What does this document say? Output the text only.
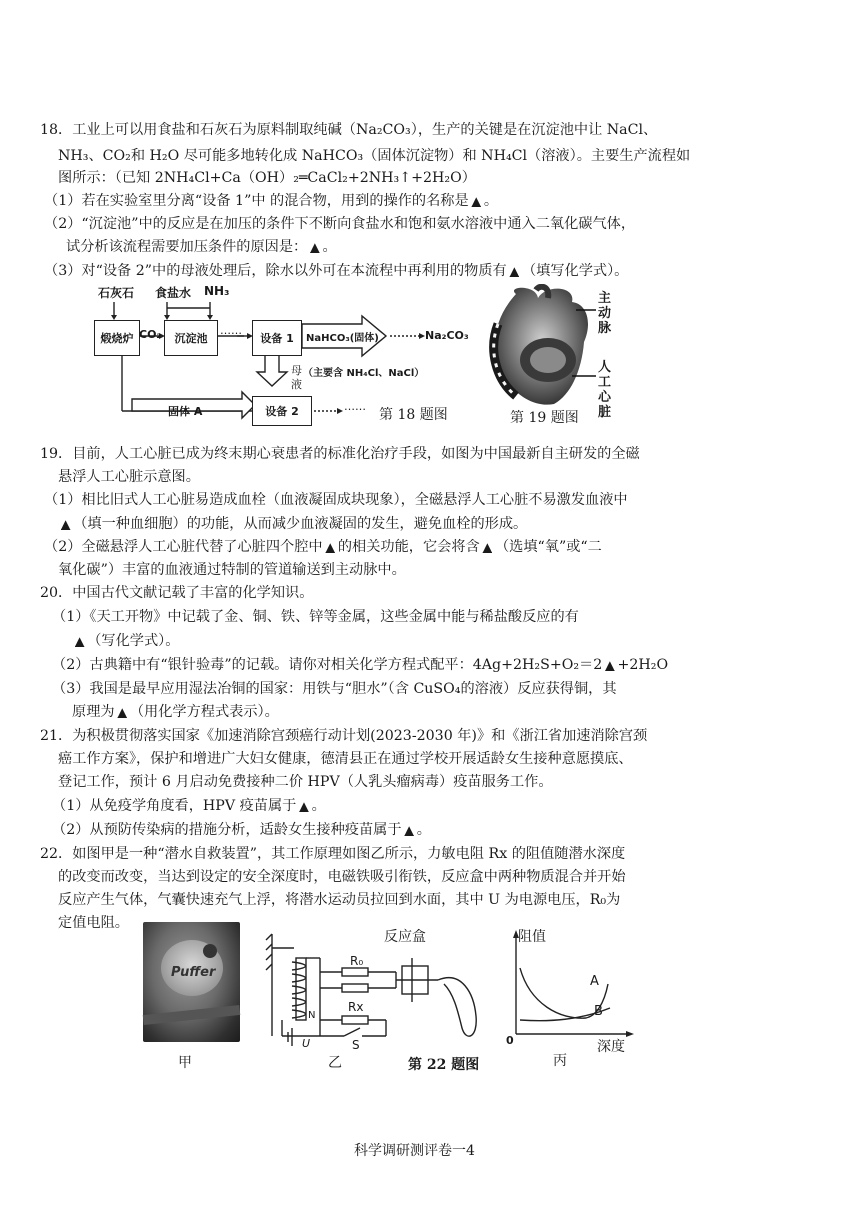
18．工业上可以用食盐和石灰石为原料制取纯碱（Na₂CO₃），生产的关键是在沉淀池中让 NaCl、
NH₃、CO₂和 H₂O 尽可能多地转化成 NaHCO₃（固体沉淀物）和 NH₄Cl（溶液）。主要生产流程如
图所示：（已知 2NH₄Cl+Ca（OH）₂═CaCl₂+2NH₃↑+2H₂O）
（1）若在实验室里分离“设备 1”中 的混合物，用到的操作的名称是 ▲ 。
（2）“沉淀池”中的反应是在加压的条件下不断向食盐水和饱和氨水溶液中通入二氧化碳气体，
试分析该流程需要加压条件的原因是： ▲ 。
（3）对“设备 2”中的母液处理后，除水以外可在本流程中再利用的物质有 ▲ （填写化学式）。
石灰石 食盐水 NH₃
煅烧炉 CO₂	沉淀池
……
设备 1	NaHCO₃(固体)	Na₂CO₃
母
液
（主要含 NH₄Cl、NaCl）
固体 A	设备 2	……
第 18 题图
主
动
脉
人
工
心
脏
第 19 题图
19．目前，人工心脏已成为终末期心衰患者的标准化治疗手段，如图为中国最新自主研发的全磁
悬浮人工心脏示意图。
（1）相比旧式人工心脏易造成血栓（血液凝固成块现象），全磁悬浮人工心脏不易激发血液中
▲ （填一种血细胞）的功能，从而减少血液凝固的发生，避免血栓的形成。
（2）全磁悬浮人工心脏代替了心脏四个腔中 ▲ 的相关功能，它会将含 ▲ （选填“氧”或“二
氧化碳”）丰富的血液通过特制的管道输送到主动脉中。
20．中国古代文献记载了丰富的化学知识。
（1）《天工开物》中记载了金、铜、铁、锌等金属，这些金属中能与稀盐酸反应的有
▲ （写化学式）。
（2）古典籍中有“银针验毒”的记载。请你对相关化学方程式配平：4Ag+2H₂S+O₂＝2 ▲ +2H₂O
（3）我国是最早应用湿法冶铜的国家：用铁与“胆水”（含 CuSO₄的溶液）反应获得铜，其
原理为 ▲ （用化学方程式表示）。
21．为积极贯彻落实国家《加速消除宫颈癌行动计划(2023-2030 年)》和《浙江省加速消除宫颈
癌工作方案》，保护和增进广大妇女健康，德清县正在通过学校开展适龄女生接种意愿摸底、
登记工作，预计 6 月启动免费接种二价 HPV（人乳头瘤病毒）疫苗服务工作。
（1）从免疫学角度看，HPV 疫苗属于 ▲ 。
（2）从预防传染病的措施分析，适龄女生接种疫苗属于 ▲ 。
22．如图甲是一种“潜水自救装置”，其工作原理如图乙所示，力敏电阻 Rx 的阻值随潜水深度
的改变而改变，当达到设定的安全深度时，电磁铁吸引衔铁，反应盒中两种物质混合并开始
反应产生气体，气囊快速充气上浮，将潜水运动员拉回到水面，其中 U 为电源电压，R₀为
定值电阻。
Puffer
甲
反应盒
R₀
Rx
S
U
N
乙	第 22 题图
阻值
A
B
0	深度
丙
科学调研测评卷一4
